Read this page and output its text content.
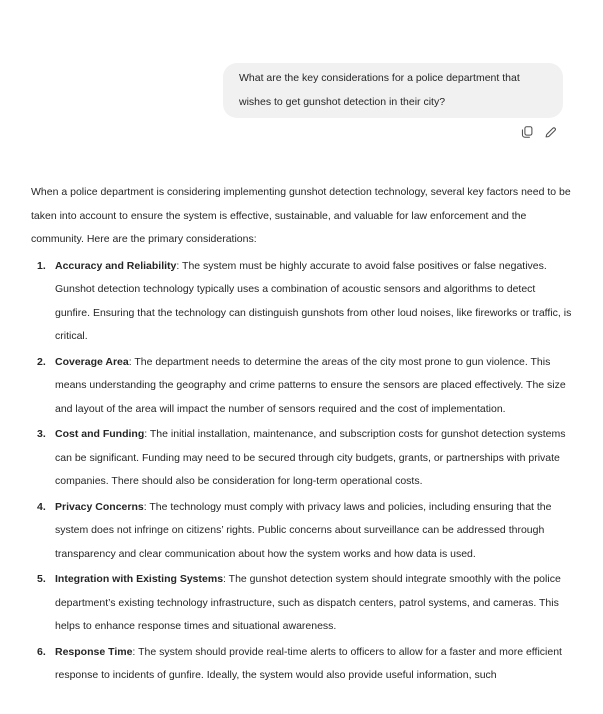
What are the key considerations for a police department that wishes to get gunshot detection in their city?

When a police department is considering implementing gunshot detection technology, several key factors need to be taken into account to ensure the system is effective, sustainable, and valuable for law enforcement and the community. Here are the primary considerations:

1. Accuracy and Reliability: The system must be highly accurate to avoid false positives or false negatives. Gunshot detection technology typically uses a combination of acoustic sensors and algorithms to detect gunfire. Ensuring that the technology can distinguish gunshots from other loud noises, like fireworks or traffic, is critical.
2. Coverage Area: The department needs to determine the areas of the city most prone to gun violence. This means understanding the geography and crime patterns to ensure the sensors are placed effectively. The size and layout of the area will impact the number of sensors required and the cost of implementation.
3. Cost and Funding: The initial installation, maintenance, and subscription costs for gunshot detection systems can be significant. Funding may need to be secured through city budgets, grants, or partnerships with private companies. There should also be consideration for long-term operational costs.
4. Privacy Concerns: The technology must comply with privacy laws and policies, including ensuring that the system does not infringe on citizens’ rights. Public concerns about surveillance can be addressed through transparency and clear communication about how the system works and how data is used.
5. Integration with Existing Systems: The gunshot detection system should integrate smoothly with the police department’s existing technology infrastructure, such as dispatch centers, patrol systems, and cameras. This helps to enhance response times and situational awareness.
6. Response Time: The system should provide real-time alerts to officers to allow for a faster and more efficient response to incidents of gunfire. Ideally, the system would also provide useful information, such
